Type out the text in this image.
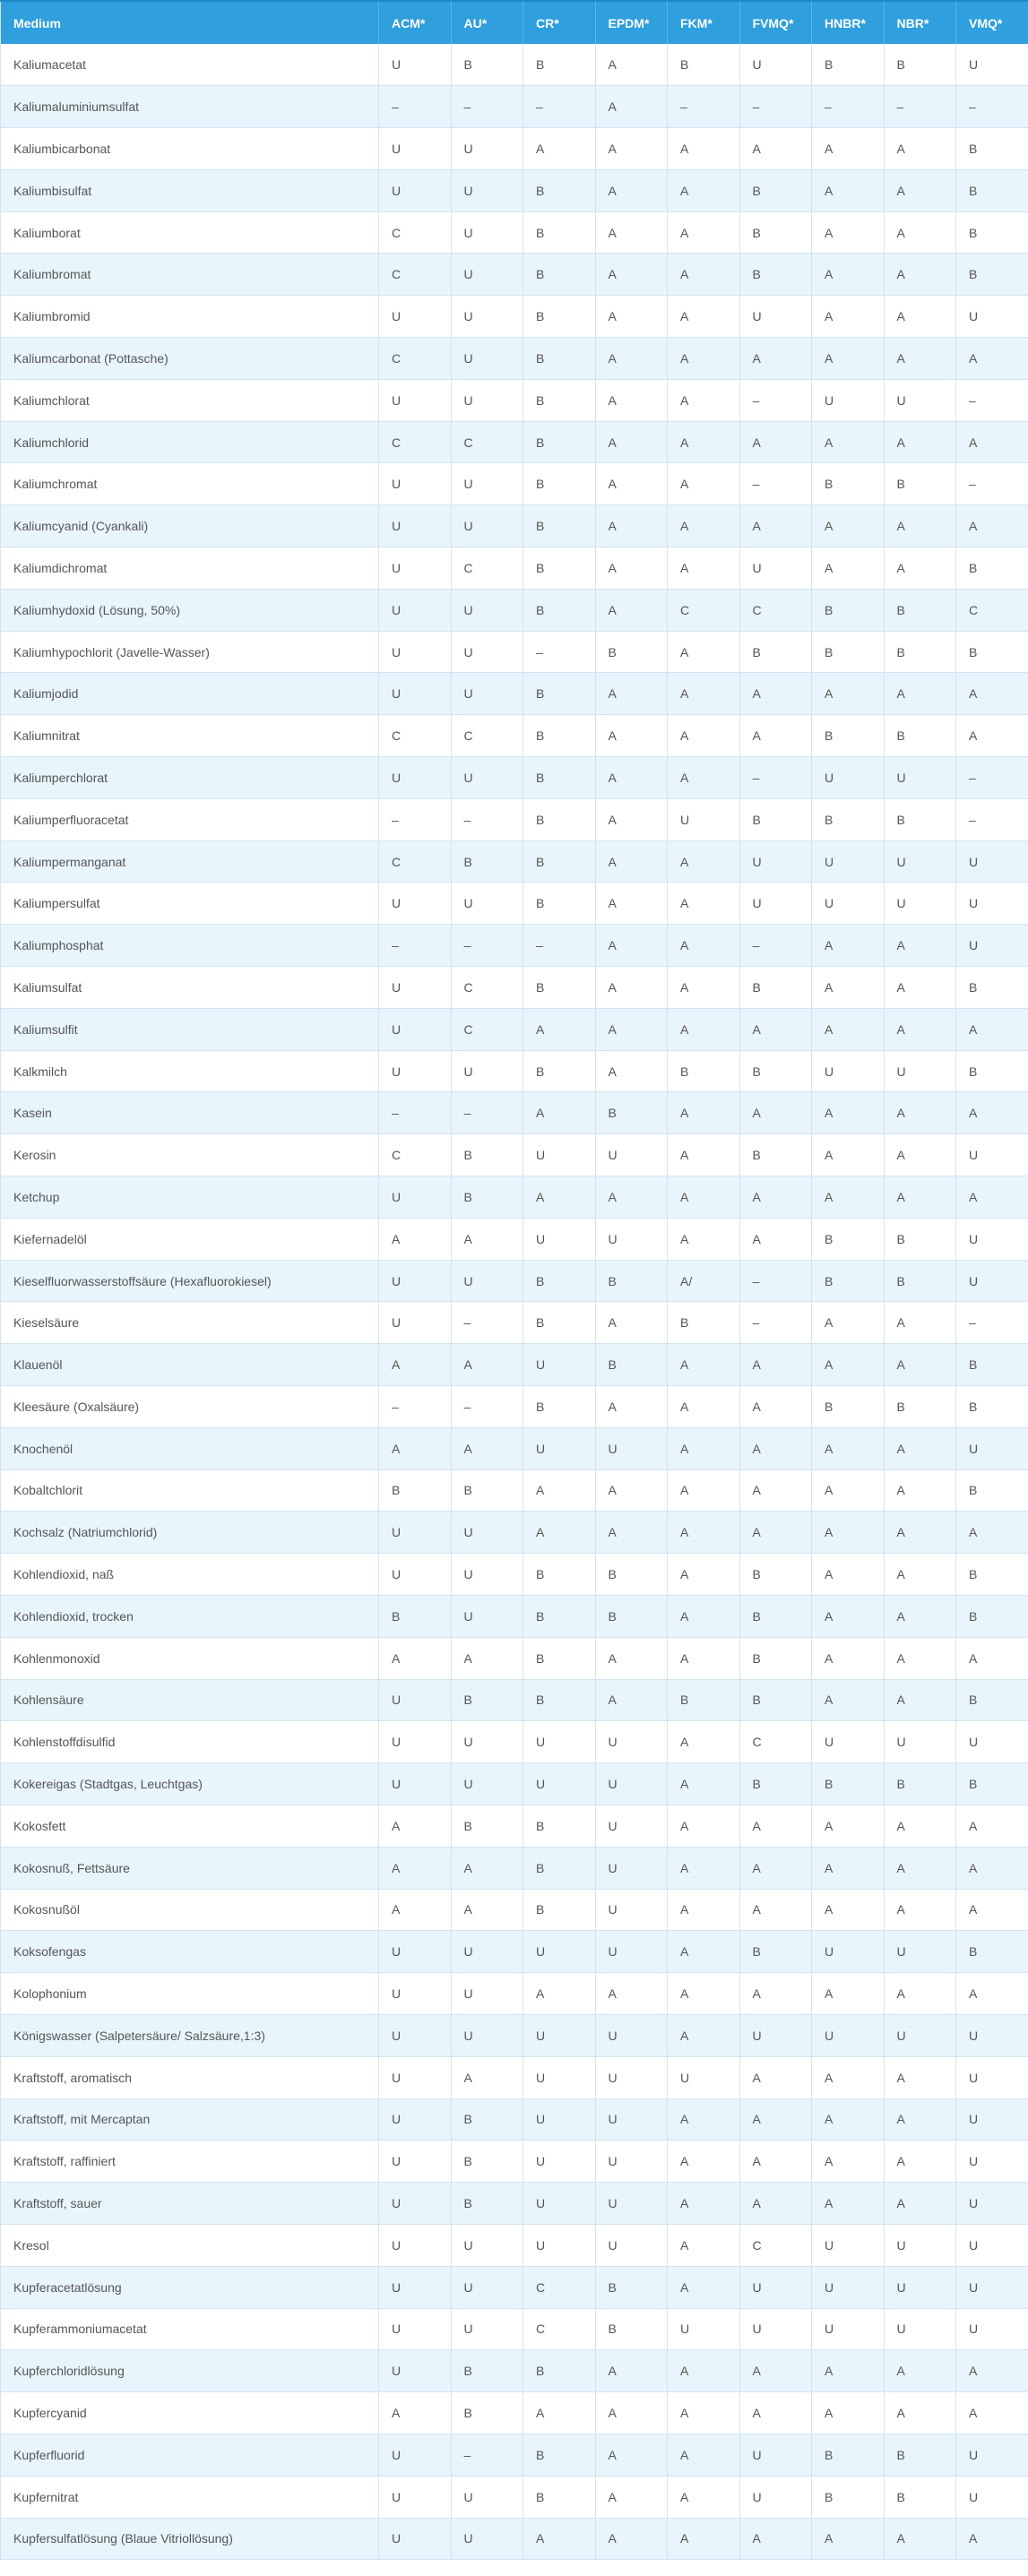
Medium	ACM*	AU*	CR*	EPDM*	FKM*	FVMQ*	HNBR*	NBR*	VMQ*
Kaliumacetat	U	B	B	A	B	U	B	B	U
Kaliumaluminiumsulfat	–	–	–	A	–	–	–	–	–
Kaliumbicarbonat	U	U	A	A	A	A	A	A	B
Kaliumbisulfat	U	U	B	A	A	B	A	A	B
Kaliumborat	C	U	B	A	A	B	A	A	B
Kaliumbromat	C	U	B	A	A	B	A	A	B
Kaliumbromid	U	U	B	A	A	U	A	A	U
Kaliumcarbonat (Pottasche)	C	U	B	A	A	A	A	A	A
Kaliumchlorat	U	U	B	A	A	–	U	U	–
Kaliumchlorid	C	C	B	A	A	A	A	A	A
Kaliumchromat	U	U	B	A	A	–	B	B	–
Kaliumcyanid (Cyankali)	U	U	B	A	A	A	A	A	A
Kaliumdichromat	U	C	B	A	A	U	A	A	B
Kaliumhydoxid (Lösung, 50%)	U	U	B	A	C	C	B	B	C
Kaliumhypochlorit (Javelle-Wasser)	U	U	–	B	A	B	B	B	B
Kaliumjodid	U	U	B	A	A	A	A	A	A
Kaliumnitrat	C	C	B	A	A	A	B	B	A
Kaliumperchlorat	U	U	B	A	A	–	U	U	–
Kaliumperfluoracetat	–	–	B	A	U	B	B	B	–
Kaliumpermanganat	C	B	B	A	A	U	U	U	U
Kaliumpersulfat	U	U	B	A	A	U	U	U	U
Kaliumphosphat	–	–	–	A	A	–	A	A	U
Kaliumsulfat	U	C	B	A	A	B	A	A	B
Kaliumsulfit	U	C	A	A	A	A	A	A	A
Kalkmilch	U	U	B	A	B	B	U	U	B
Kasein	–	–	A	B	A	A	A	A	A
Kerosin	C	B	U	U	A	B	A	A	U
Ketchup	U	B	A	A	A	A	A	A	A
Kiefernadelöl	A	A	U	U	A	A	B	B	U
Kieselfluorwasserstoffsäure (Hexafluorokiesel)	U	U	B	B	A/	–	B	B	U
Kieselsäure	U	–	B	A	B	–	A	A	–
Klauenöl	A	A	U	B	A	A	A	A	B
Kleesäure (Oxalsäure)	–	–	B	A	A	A	B	B	B
Knochenöl	A	A	U	U	A	A	A	A	U
Kobaltchlorit	B	B	A	A	A	A	A	A	B
Kochsalz (Natriumchlorid)	U	U	A	A	A	A	A	A	A
Kohlendioxid, naß	U	U	B	B	A	B	A	A	B
Kohlendioxid, trocken	B	U	B	B	A	B	A	A	B
Kohlenmonoxid	A	A	B	A	A	B	A	A	A
Kohlensäure	U	B	B	A	B	B	A	A	B
Kohlenstoffdisulfid	U	U	U	U	A	C	U	U	U
Kokereigas (Stadtgas, Leuchtgas)	U	U	U	U	A	B	B	B	B
Kokosfett	A	B	B	U	A	A	A	A	A
Kokosnuß, Fettsäure	A	A	B	U	A	A	A	A	A
Kokosnußöl	A	A	B	U	A	A	A	A	A
Koksofengas	U	U	U	U	A	B	U	U	B
Kolophonium	U	U	A	A	A	A	A	A	A
Königswasser (Salpetersäure/ Salzsäure,1:3)	U	U	U	U	A	U	U	U	U
Kraftstoff, aromatisch	U	A	U	U	U	A	A	A	U
Kraftstoff, mit Mercaptan	U	B	U	U	A	A	A	A	U
Kraftstoff, raffiniert	U	B	U	U	A	A	A	A	U
Kraftstoff, sauer	U	B	U	U	A	A	A	A	U
Kresol	U	U	U	U	A	C	U	U	U
Kupferacetatlösung	U	U	C	B	A	U	U	U	U
Kupferammoniumacetat	U	U	C	B	U	U	U	U	U
Kupferchloridlösung	U	B	B	A	A	A	A	A	A
Kupfercyanid	A	B	A	A	A	A	A	A	A
Kupferfluorid	U	–	B	A	A	U	B	B	U
Kupfernitrat	U	U	B	A	A	U	B	B	U
Kupfersulfatlösung (Blaue Vitriollösung)	U	U	A	A	A	A	A	A	A
